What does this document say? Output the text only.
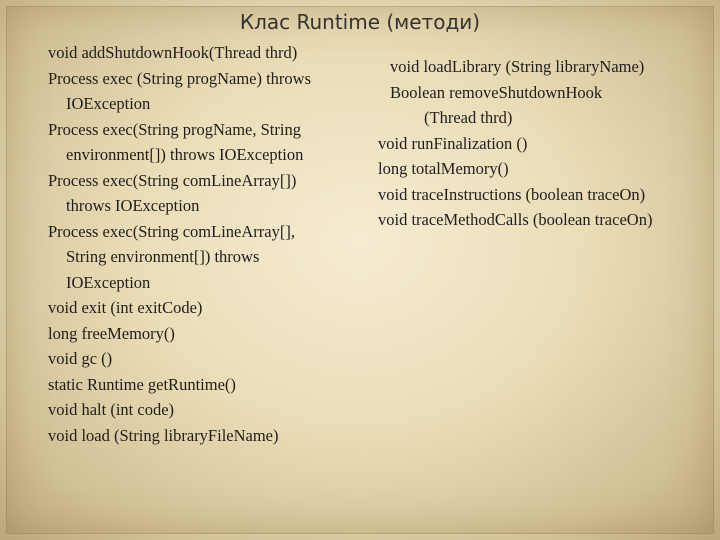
Клас Runtime (методи)
void addShutdownHook(Thread thrd)
Process exec (String progName) throws
IOException
Process exec(String progName, String
environment[]) throws IOException
Process exec(String comLineArray[])
throws IOException
Process exec(String comLineArray[],
String environment[]) throws
IOException
void exit (int exitCode)
long freeMemory()
void gc ()
static Runtime getRuntime()
void halt (int code)
void load (String libraryFileName)
void loadLibrary (String libraryName)
Boolean removeShutdownHook
(Thread thrd)
void runFinalization ()
long totalMemory()
void traceInstructions (boolean traceOn)
void traceMethodCalls (boolean traceOn)
